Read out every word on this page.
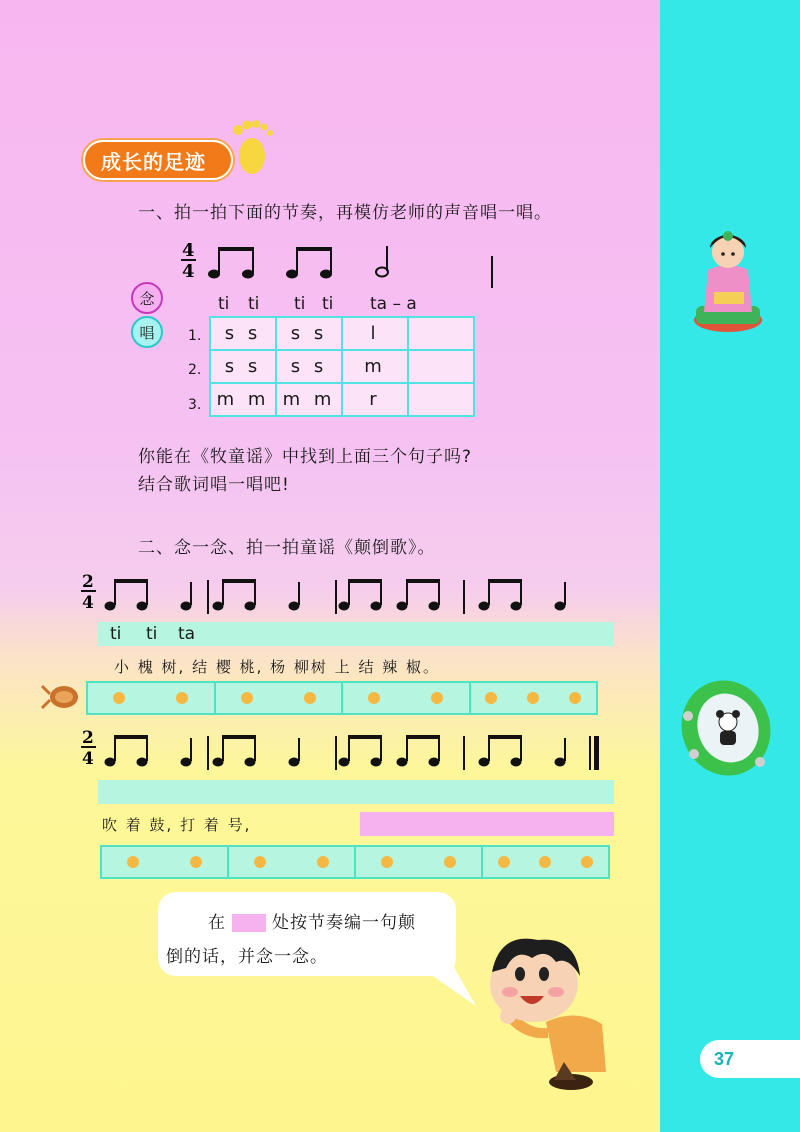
37
成长的足迹
一、拍一拍下面的节奏，再模仿老师的声音唱一唱。
4
4
念
唱
ti ti ti ti ta – a
1.
2.
3.
s s	s s	l	
s s	s s	m	
m m	m m	r	
你能在《牧童谣》中找到上面三个句子吗?
结合歌词唱一唱吧!
二、念一念、拍一拍童谣《颠倒歌》。
2
4
ti ti ta
小 槐 树, 结 樱 桃, 杨 柳树 上 结 辣 椒。
2
4
吹 着 鼓, 打 着 号,
在	处按节奏编一句颠
倒的话，并念一念。
